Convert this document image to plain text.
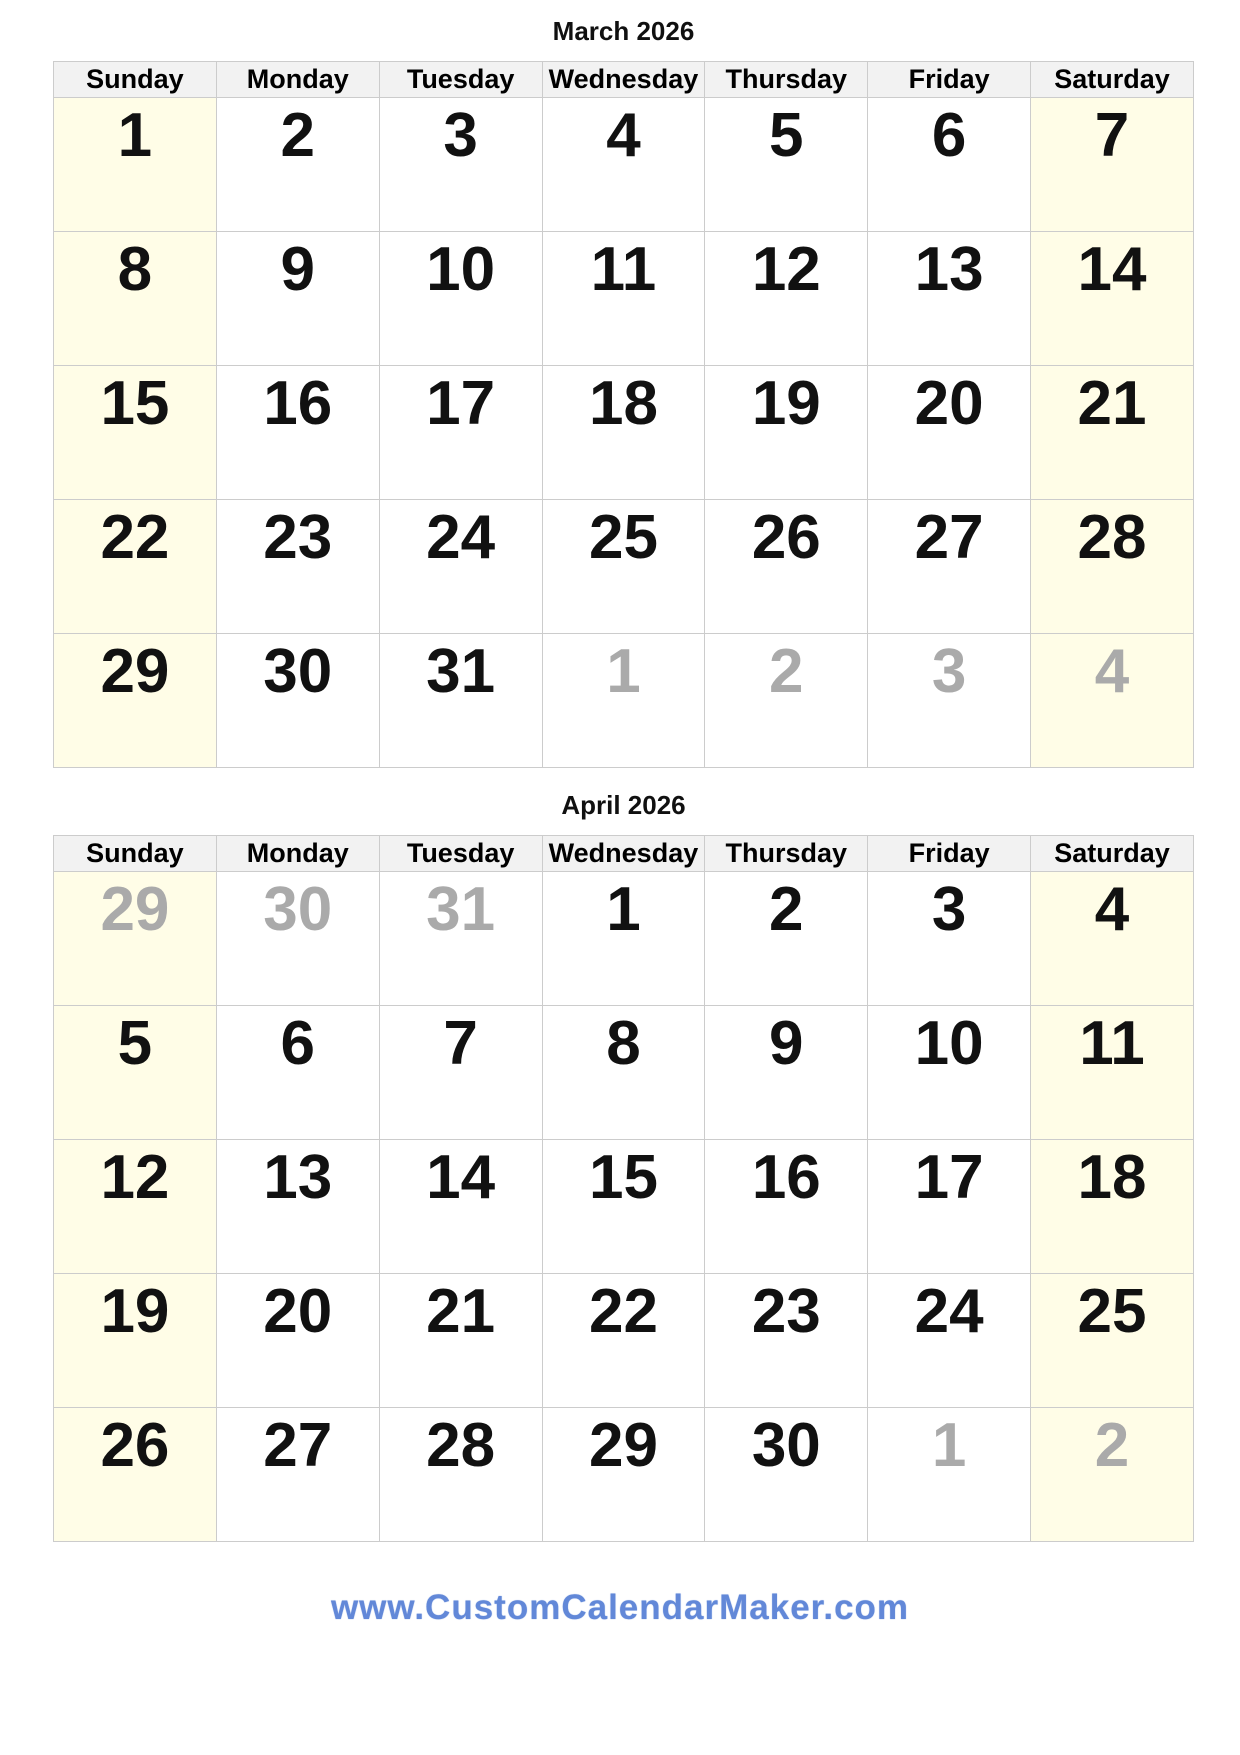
March 2026
Sunday	Monday	Tuesday	Wednesday	Thursday	Friday	Saturday
1	2	3	4	5	6	7
8	9	10	11	12	13	14
15	16	17	18	19	20	21
22	23	24	25	26	27	28
29	30	31	1	2	3	4
April 2026
Sunday	Monday	Tuesday	Wednesday	Thursday	Friday	Saturday
29	30	31	1	2	3	4
5	6	7	8	9	10	11
12	13	14	15	16	17	18
19	20	21	22	23	24	25
26	27	28	29	30	1	2
www.CustomCalendarMaker.com
